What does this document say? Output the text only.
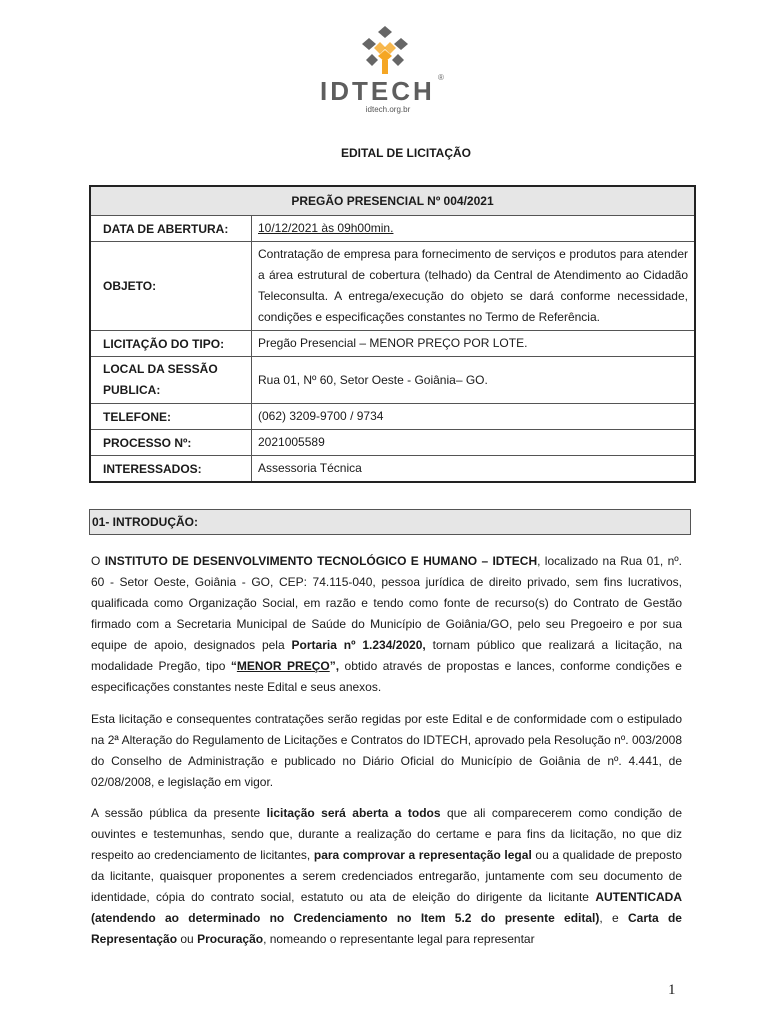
IDTECH ®
idtech.org.br
EDITAL DE LICITAÇÃO
PREGÃO PRESENCIAL Nº 004/2021	
DATA DE ABERTURA:	10/12/2021 às 09h00min.
OBJETO:	Contratação de empresa para fornecimento de serviços e produtos para atender a área estrutural de cobertura (telhado) da Central de Atendimento ao Cidadão Teleconsulta. A entrega/execução do objeto se dará conforme necessidade, condições e especificações constantes no Termo de Referência.
LICITAÇÃO DO TIPO:	Pregão Presencial – MENOR PREÇO POR LOTE.
LOCAL DA SESSÃO PUBLICA:	Rua 01, Nº 60, Setor Oeste - Goiânia– GO.
TELEFONE:	(062) 3209-9700 / 9734
PROCESSO Nº:	2021005589
INTERESSADOS:	Assessoria Técnica
01- INTRODUÇÃO:
O INSTITUTO DE DESENVOLVIMENTO TECNOLÓGICO E HUMANO – IDTECH, localizado na Rua 01, nº. 60 - Setor Oeste, Goiânia - GO, CEP: 74.115-040, pessoa jurídica de direito privado, sem fins lucrativos, qualificada como Organização Social, em razão e tendo como fonte de recurso(s) do Contrato de Gestão firmado com a Secretaria Municipal de Saúde do Município de Goiânia/GO, pelo seu Pregoeiro e por sua equipe de apoio, designados pela Portaria nº 1.234/2020, tornam público que realizará a licitação, na modalidade Pregão, tipo “MENOR PREÇO”, obtido através de propostas e lances, conforme condições e especificações constantes neste Edital e seus anexos.
Esta licitação e consequentes contratações serão regidas por este Edital e de conformidade com o estipulado na 2ª Alteração do Regulamento de Licitações e Contratos do IDTECH, aprovado pela Resolução nº. 003/2008 do Conselho de Administração e publicado no Diário Oficial do Município de Goiânia de nº. 4.441, de 02/08/2008, e legislação em vigor.
A sessão pública da presente licitação será aberta a todos que ali comparecerem como condição de ouvintes e testemunhas, sendo que, durante a realização do certame e para fins da licitação, no que diz respeito ao credenciamento de licitantes, para comprovar a representação legal ou a qualidade de preposto da licitante, quaisquer proponentes a serem credenciados entregarão, juntamente com seu documento de identidade, cópia do contrato social, estatuto ou ata de eleição do dirigente da licitante AUTENTICADA (atendendo ao determinado no Credenciamento no Item 5.2 do presente edital), e Carta de Representação ou Procuração, nomeando o representante legal para representar
1
